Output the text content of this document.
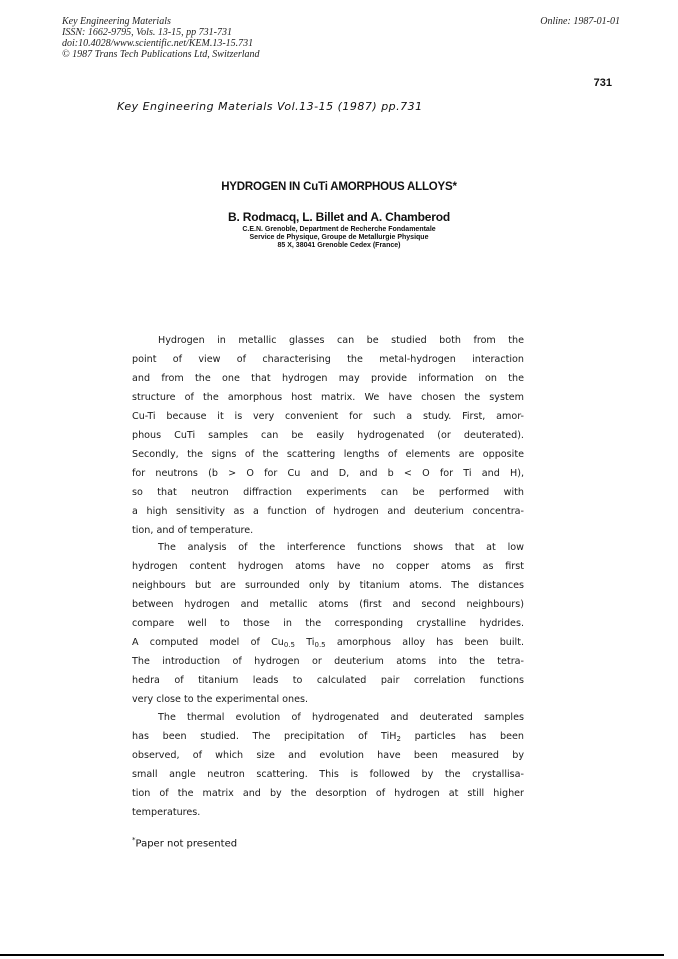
Key Engineering Materials
ISSN: 1662-9795, Vols. 13-15, pp 731-731
doi:10.4028/www.scientific.net/KEM.13-15.731
© 1987 Trans Tech Publications Ltd, Switzerland
Online: 1987-01-01
731
Key Engineering Materials Vol.13-15 (1987) pp.731
HYDROGEN IN CuTi AMORPHOUS ALLOYS*
B. Rodmacq, L. Billet and A. Chamberod
C.E.N. Grenoble, Department de Recherche Fondamentale
Service de Physique, Groupe de Metallurgie Physique
85 X, 38041 Grenoble Cedex (France)
Hydrogen in metallic glasses can be studied both from the
point of view of characterising the metal-hydrogen interaction
and from the one that hydrogen may provide information on the
structure of the amorphous host matrix. We have chosen the system
Cu-Ti because it is very convenient for such a study. First, amor-
phous CuTi samples can be easily hydrogenated (or deuterated).
Secondly, the signs of the scattering lengths of elements are opposite
for neutrons (b > O for Cu and D, and b < O for Ti and H),
so that neutron diffraction experiments can be performed with
a high sensitivity as a function of hydrogen and deuterium concentra-
tion, and of temperature.
The analysis of the interference functions shows that at low
hydrogen content hydrogen atoms have no copper atoms as first
neighbours but are surrounded only by titanium atoms. The distances
between hydrogen and metallic atoms (first and second neighbours)
compare well to those in the corresponding crystalline hydrides.
A computed model of $Cu_{0.5}$ $Ti_{0.5}$ amorphous alloy has been built.
The introduction of hydrogen or deuterium atoms into the tetra-
hedra of titanium leads to calculated pair correlation functions
very close to the experimental ones.
The thermal evolution of hydrogenated and deuterated samples
has been studied. The precipitation of TiH$_2$ particles has been
observed, of which size and evolution have been measured by
small angle neutron scattering. This is followed by the crystallisa-
tion of the matrix and by the desorption of hydrogen at still higher
temperatures.
*Paper not presented
